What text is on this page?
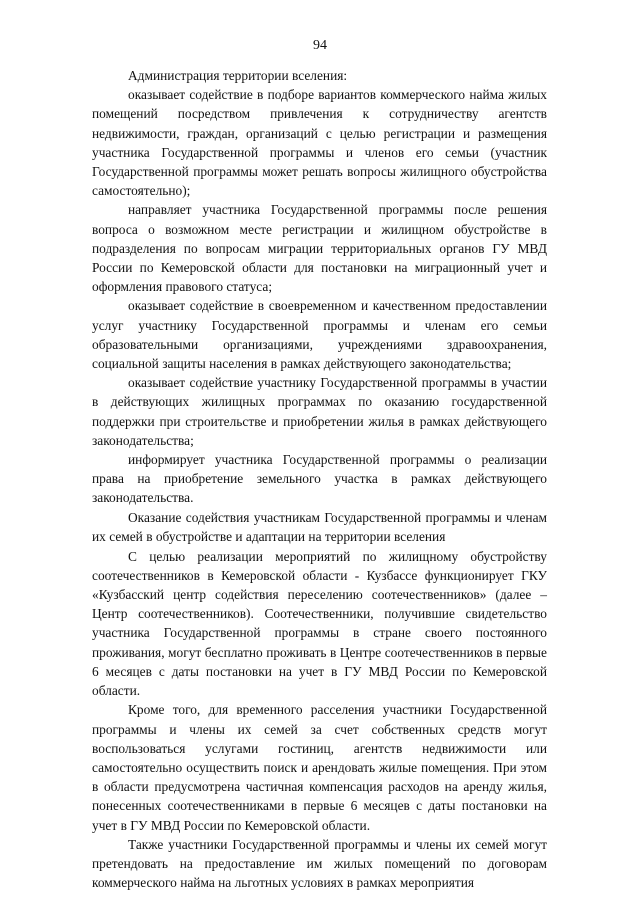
94

Администрация территории вселения:

оказывает содействие в подборе вариантов коммерческого найма жилых помещений посредством привлечения к сотрудничеству агентств недвижимости, граждан, организаций с целью регистрации и размещения участника Государственной программы и членов его семьи (участник Государственной программы может решать вопросы жилищного обустройства самостоятельно);

направляет участника Государственной программы после решения вопроса о возможном месте регистрации и жилищном обустройстве в подразделения по вопросам миграции территориальных органов ГУ МВД России по Кемеровской области для постановки на миграционный учет и оформления правового статуса;

оказывает содействие в своевременном и качественном предоставлении услуг участнику Государственной программы и членам его семьи образовательными организациями, учреждениями здравоохранения, социальной защиты населения в рамках действующего законодательства;

оказывает содействие участнику Государственной программы в участии в действующих жилищных программах по оказанию государственной поддержки при строительстве и приобретении жилья в рамках действующего законодательства;

информирует участника Государственной программы о реализации права на приобретение земельного участка в рамках действующего законодательства.

Оказание содействия участникам Государственной программы и членам их семей в обустройстве и адаптации на территории вселения

С целью реализации мероприятий по жилищному обустройству соотечественников в Кемеровской области - Кузбассе функционирует ГКУ «Кузбасский центр содействия переселению соотечественников» (далее – Центр соотечественников). Соотечественники, получившие свидетельство участника Государственной программы в стране своего постоянного проживания, могут бесплатно проживать в Центре соотечественников в первые 6 месяцев с даты постановки на учет в ГУ МВД России по Кемеровской области.

Кроме того, для временного расселения участники Государственной программы и члены их семей за счет собственных средств могут воспользоваться услугами гостиниц, агентств недвижимости или самостоятельно осуществить поиск и арендовать жилые помещения. При этом в области предусмотрена частичная компенсация расходов на аренду жилья, понесенных соотечественниками в первые 6 месяцев с даты постановки на учет в ГУ МВД России по Кемеровской области.

Также участники Государственной программы и члены их семей могут претендовать на предоставление им жилых помещений по договорам коммерческого найма на льготных условиях в рамках мероприятия
